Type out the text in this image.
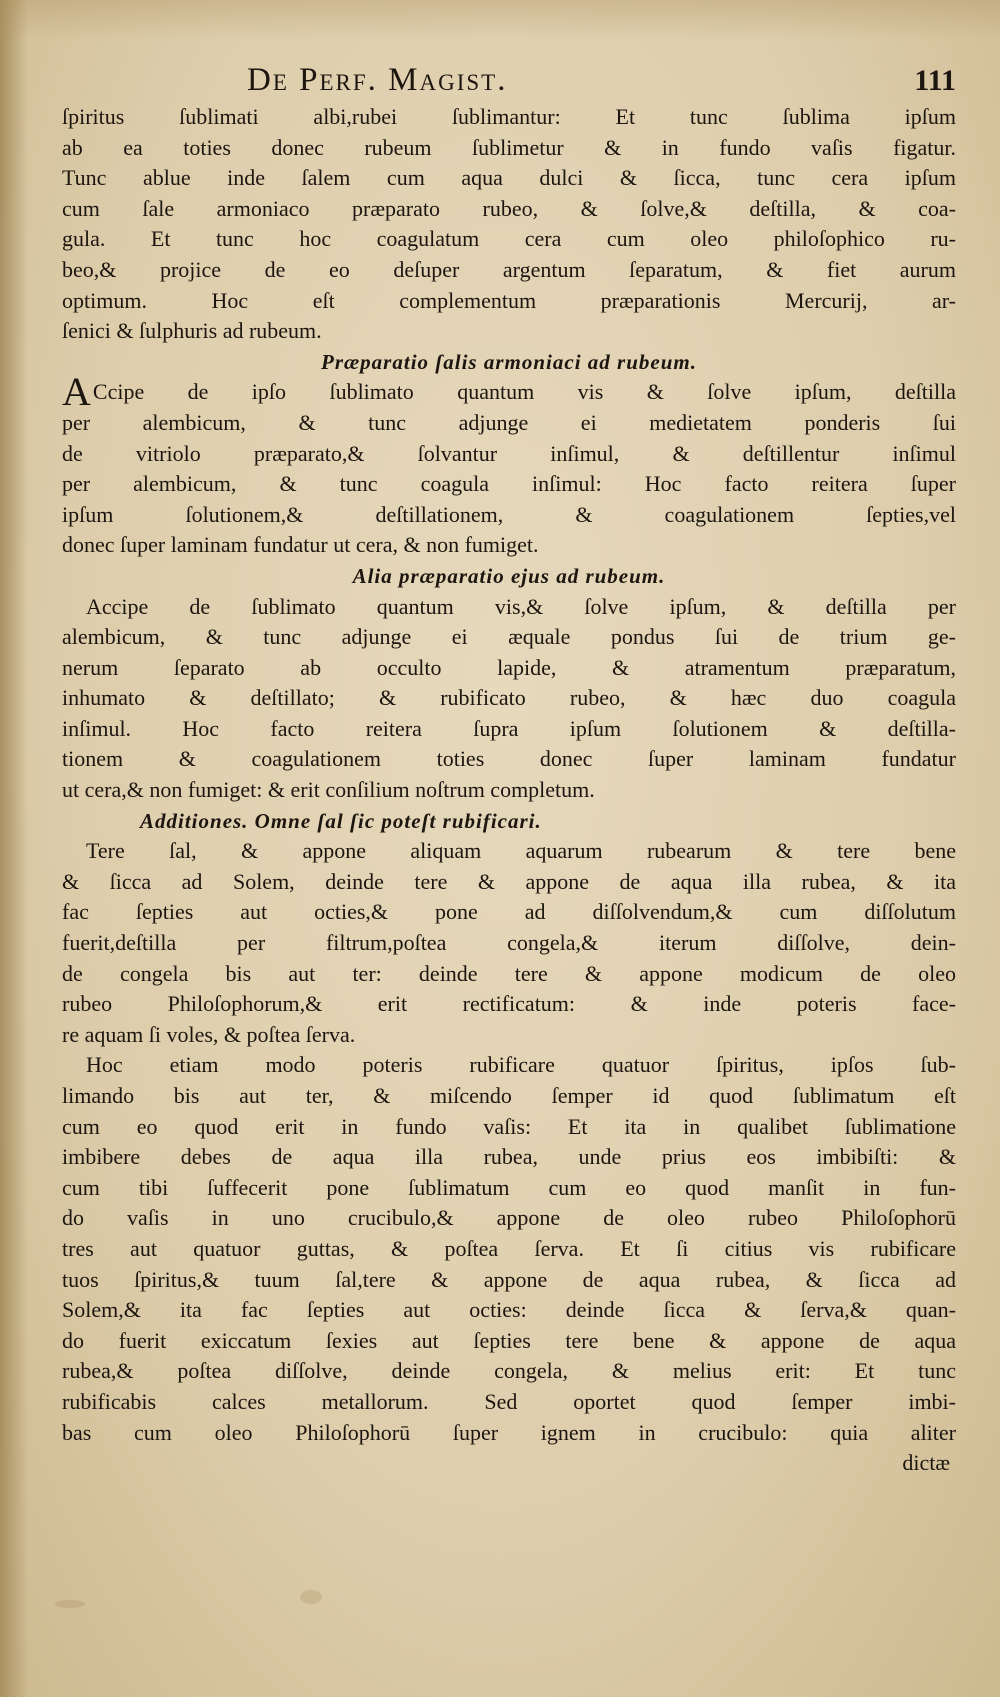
De Perf. Magist.	111
ſpiritus ſublimati albi,rubei ſublimantur: Et tunc ſublima ipſum
ab ea toties donec rubeum ſublimetur & in fundo vaſis figatur.
Tunc ablue inde ſalem cum aqua dulci & ſicca, tunc cera ipſum
cum ſale armoniaco præparato rubeo, & ſolve,& deſtilla, & coa-
gula. Et tunc hoc coagulatum cera cum oleo philoſophico ru-
beo,& projice de eo deſuper argentum ſeparatum, & fiet aurum
optimum. Hoc eſt complementum præparationis Mercurij, ar-
ſenici & ſulphuris ad rubeum.
Præparatio ſalis armoniaci ad rubeum.
A Ccipe de ipſo ſublimato quantum vis & ſolve ipſum, deſtilla
per alembicum, & tunc adjunge ei medietatem ponderis ſui
de vitriolo præparato,& ſolvantur inſimul, & deſtillentur inſimul
per alembicum, & tunc coagula inſimul: Hoc facto reitera ſuper
ipſum ſolutionem,& deſtillationem, & coagulationem ſepties,vel
donec ſuper laminam fundatur ut cera, & non fumiget.
Alia præparatio ejus ad rubeum.
Accipe de ſublimato quantum vis,& ſolve ipſum, & deſtilla per
alembicum, & tunc adjunge ei æquale pondus ſui de trium ge-
nerum ſeparato ab occulto lapide, & atramentum præparatum,
inhumato & deſtillato; & rubificato rubeo, & hæc duo coagula
inſimul. Hoc facto reitera ſupra ipſum ſolutionem & deſtilla-
tionem & coagulationem toties donec ſuper laminam fundatur
ut cera,& non fumiget: & erit conſilium noſtrum completum.
Additiones. Omne ſal ſic poteſt rubificari.
Tere ſal, & appone aliquam aquarum rubearum & tere bene
& ſicca ad Solem, deinde tere & appone de aqua illa rubea, & ita
fac ſepties aut octies,& pone ad diſſolvendum,& cum diſſolutum
fuerit,deſtilla per filtrum,poſtea congela,& iterum diſſolve, dein-
de congela bis aut ter: deinde tere & appone modicum de oleo
rubeo Philoſophorum,& erit rectificatum: & inde poteris face-
re aquam ſi voles, & poſtea ſerva.
Hoc etiam modo poteris rubificare quatuor ſpiritus, ipſos ſub-
limando bis aut ter, & miſcendo ſemper id quod ſublimatum eſt
cum eo quod erit in fundo vaſis: Et ita in qualibet ſublimatione
imbibere debes de aqua illa rubea, unde prius eos imbibiſti: &
cum tibi ſuffecerit pone ſublimatum cum eo quod manſit in fun-
do vaſis in uno crucibulo,& appone de oleo rubeo Philoſophorū
tres aut quatuor guttas, & poſtea ſerva. Et ſi citius vis rubificare
tuos ſpiritus,& tuum ſal,tere & appone de aqua rubea, & ſicca ad
Solem,& ita fac ſepties aut octies: deinde ſicca & ſerva,& quan-
do fuerit exiccatum ſexies aut ſepties tere bene & appone de aqua
rubea,& poſtea diſſolve, deinde congela, & melius erit: Et tunc
rubificabis calces metallorum. Sed oportet quod ſemper imbi-
bas cum oleo Philoſophorū ſuper ignem in crucibulo: quia aliter
dictæ
